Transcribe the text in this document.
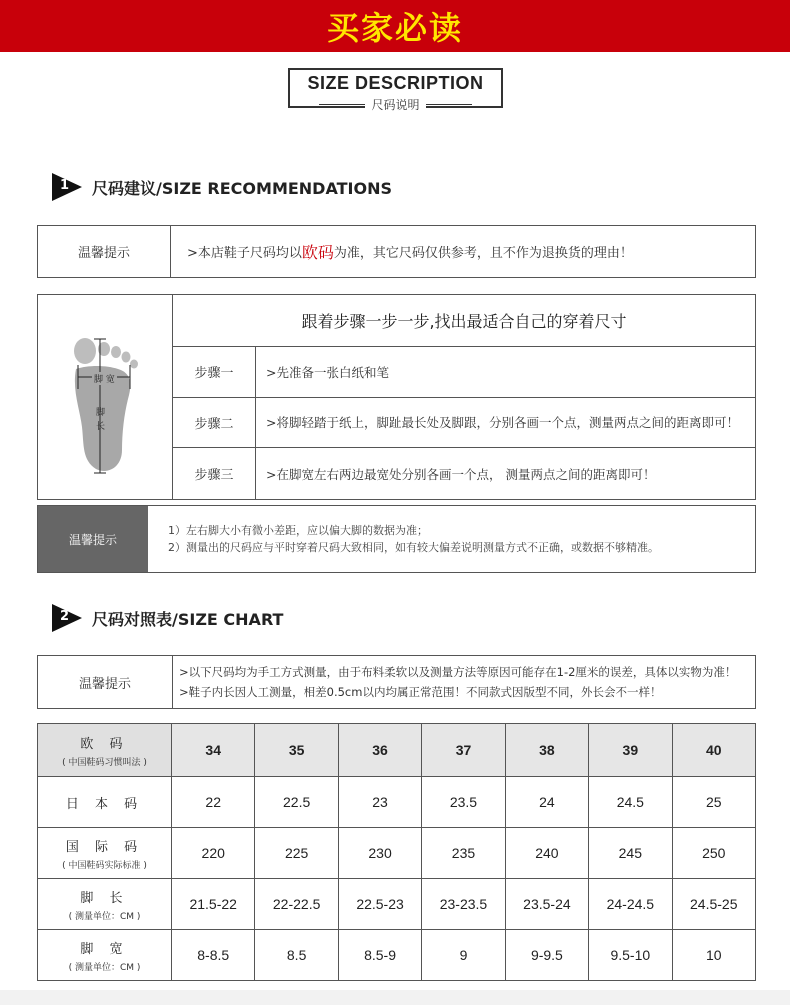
买家必读
SIZE DESCRIPTION
尺码说明
1 尺码建议/SIZE RECOMMENDATIONS
温馨提示	>本店鞋子尺码均以 欧码 为准，其它尺码仅供参考，且不作为退换货的理由！
脚 宽
脚
长
跟着步骤一步一步,找出最适合自己的穿着尺寸
步骤一	>先准备一张白纸和笔
步骤二	>将脚轻踏于纸上，脚趾最长处及脚跟，分别各画一个点，测量两点之间的距离即可！
步骤三	>在脚宽左右两边最宽处分别各画一个点， 测量两点之间的距离即可！
温馨提示
1）左右脚大小有微小差距，应以偏大脚的数据为准；
2）测量出的尺码应与平时穿着尺码大致相同，如有较大偏差说明测量方式不正确，或数据不够精准。
2 尺码对照表/SIZE CHART
温馨提示
>以下尺码均为手工方式测量，由于布料柔软以及测量方法等原因可能存在1-2厘米的误差，具体以实物为准！
>鞋子内长因人工测量，相差0.5cm以内均属正常范围！不同款式因版型不同，外长会不一样！
欧 码
( 中国鞋码习惯叫法 )	34	35	36	37	38	39	40

日 本 码	22	22.5	23	23.5	24	24.5	25

国 际 码
( 中国鞋码实际标准 )	220	225	230	235	240	245	250

脚 长
( 测量单位：CM )	21.5-22	22-22.5	22.5-23	23-23.5	23.5-24	24-24.5	24.5-25

脚 宽
( 测量单位：CM )	8-8.5	8.5	8.5-9	9	9-9.5	9.5-10	10
